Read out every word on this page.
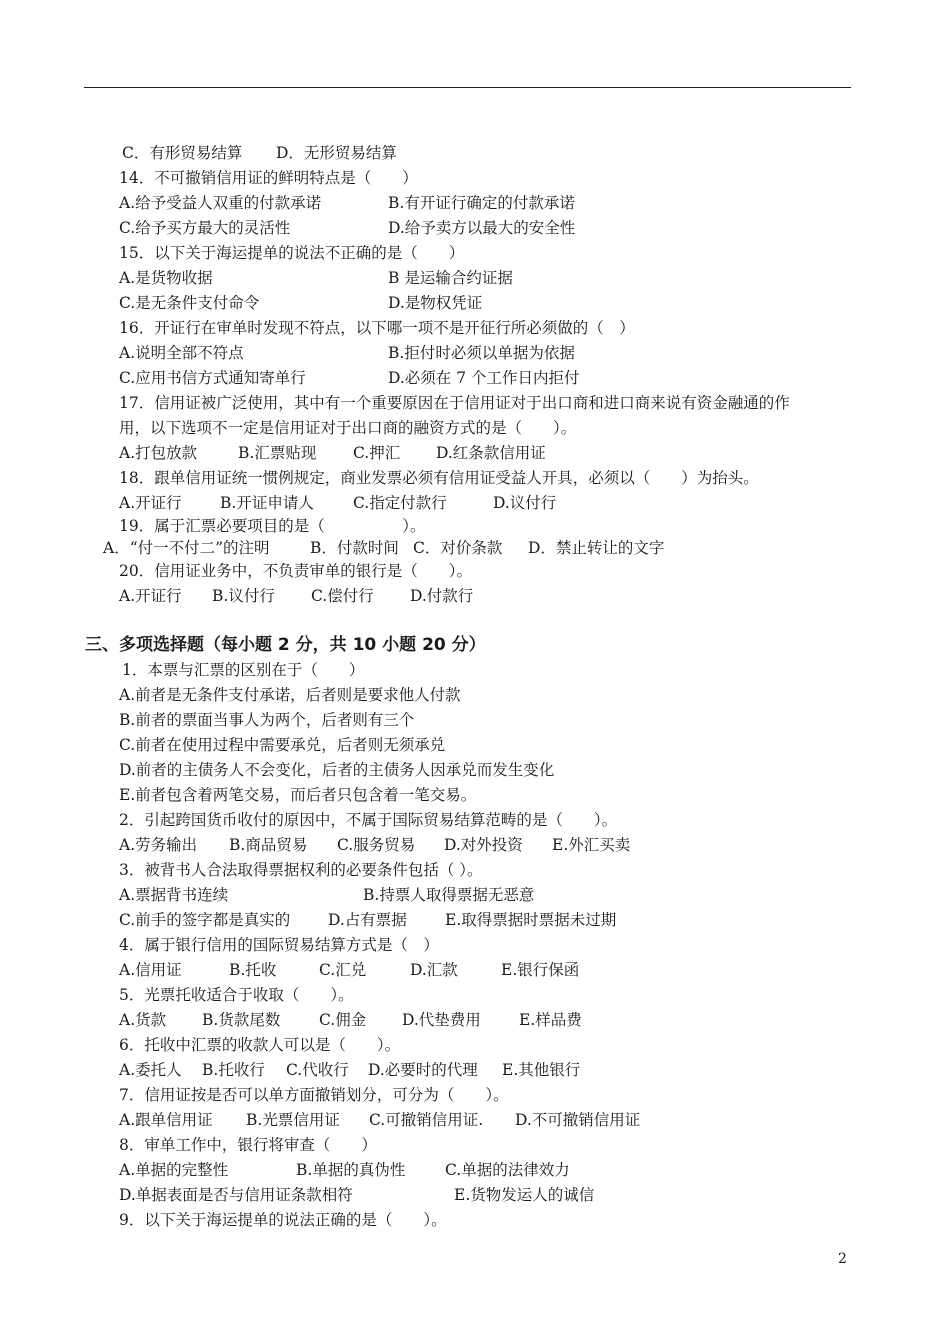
C．有形贸易结算 D．无形贸易结算
14．不可撤销信用证的鲜明特点是（　　）
A.给予受益人双重的付款承诺	B.有开证行确定的付款承诺
C.给予买方最大的灵活性	D.给予卖方以最大的安全性
15．以下关于海运提单的说法不正确的是（　　）
A.是货物收据	B 是运输合约证据
C.是无条件支付命令	D.是物权凭证
16．开证行在审单时发现不符点，以下哪一项不是开征行所必须做的（　）
A.说明全部不符点	B.拒付时必须以单据为依据
C.应用书信方式通知寄单行	D.必须在 7 个工作日内拒付
17．信用证被广泛使用，其中有一个重要原因在于信用证对于出口商和进口商来说有资金融通的作
用，以下选项不一定是信用证对于出口商的融资方式的是（　　）。
A.打包放款	B.汇票贴现 C.押汇 D.红条款信用证
18．跟单信用证统一惯例规定，商业发票必须有信用证受益人开具，必须以（　　）为抬头。
A.开证行 B.开证申请人	C.指定付款行	D.议付行
19．属于汇票必要项目的是（　　　　　）。
A．“付一不付二”的注明	B．付款时间 C．对价条款 D．禁止转让的文字
20．信用证业务中，不负责审单的银行是（　　）。
A.开证行 B.议付行 C.偿付行 D.付款行
三、多项选择题（每小题 2 分，共 10 小题 20 分）
1．本票与汇票的区别在于（　　）
A.前者是无条件支付承诺，后者则是要求他人付款
B.前者的票面当事人为两个，后者则有三个
C.前者在使用过程中需要承兑，后者则无须承兑
D.前者的主债务人不会变化，后者的主债务人因承兑而发生变化
E.前者包含着两笔交易，而后者只包含着一笔交易。
2．引起跨国货币收付的原因中，不属于国际贸易结算范畴的是（　　）。
A.劳务输出 B.商品贸易 C.服务贸易 D.对外投资 E.外汇买卖
3．被背书人合法取得票据权利的必要条件包括（ ）。
A.票据背书连续	B.持票人取得票据无恶意
C.前手的签字都是真实的 D.占有票据 E.取得票据时票据未过期
4．属于银行信用的国际贸易结算方式是（　）
A.信用证	B.托收	C.汇兑	D.汇款	E.银行保函
5．光票托收适合于收取（　　）。
A.货款 B.货款尾数 C.佣金 D.代垫费用 E.样品费
6．托收中汇票的收款人可以是（　　）。
A.委托人 B.托收行 C.代收行 D.必要时的代理 E.其他银行
7．信用证按是否可以单方面撤销划分，可分为（　　）。
A.跟单信用证 B.光票信用证 C.可撤销信用证. D.不可撤销信用证
8．审单工作中，银行将审查（　　）
A.单据的完整性	B.单据的真伪性	C.单据的法律效力
D.单据表面是否与信用证条款相符	E.货物发运人的诚信
9．以下关于海运提单的说法正确的是（　　）。
2
